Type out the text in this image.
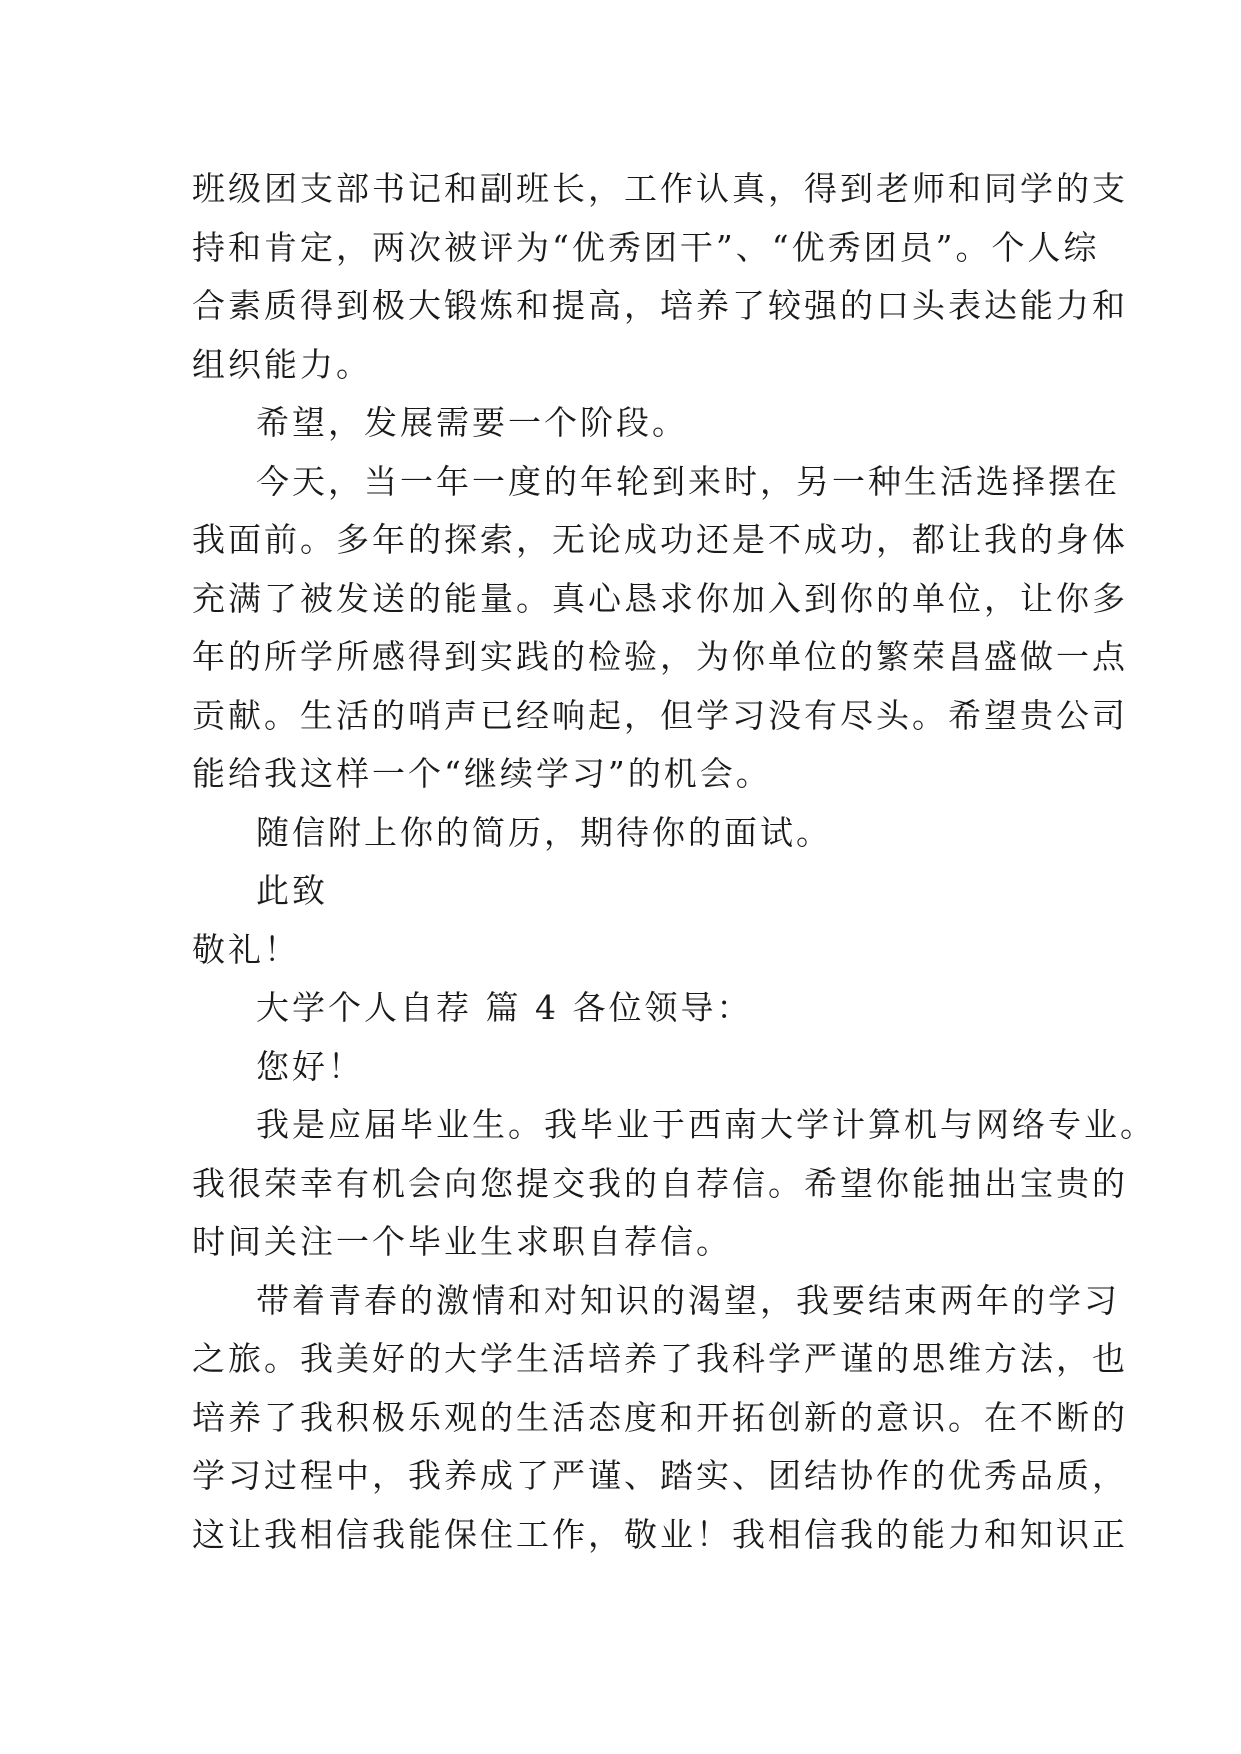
班级团支部书记和副班长，工作认真，得到老师和同学的支
持和肯定，两次被评为“优秀团干”、“优秀团员”。个人综
合素质得到极大锻炼和提高，培养了较强的口头表达能力和
组织能力。
希望，发展需要一个阶段。
今天，当一年一度的年轮到来时，另一种生活选择摆在
我面前。多年的探索，无论成功还是不成功，都让我的身体
充满了被发送的能量。真心恳求你加入到你的单位，让你多
年的所学所感得到实践的检验，为你单位的繁荣昌盛做一点
贡献。生活的哨声已经响起，但学习没有尽头。希望贵公司
能给我这样一个“继续学习”的机会。
随信附上你的简历，期待你的面试。
此致
敬礼！
大学个人自荐 篇 4 各位领导：
您好！
我是应届毕业生。我毕业于西南大学计算机与网络专业。
我很荣幸有机会向您提交我的自荐信。希望你能抽出宝贵的
时间关注一个毕业生求职自荐信。
带着青春的激情和对知识的渴望，我要结束两年的学习
之旅。我美好的大学生活培养了我科学严谨的思维方法，也
培养了我积极乐观的生活态度和开拓创新的意识。在不断的
学习过程中，我养成了严谨、踏实、团结协作的优秀品质，
这让我相信我能保住工作，敬业！我相信我的能力和知识正
